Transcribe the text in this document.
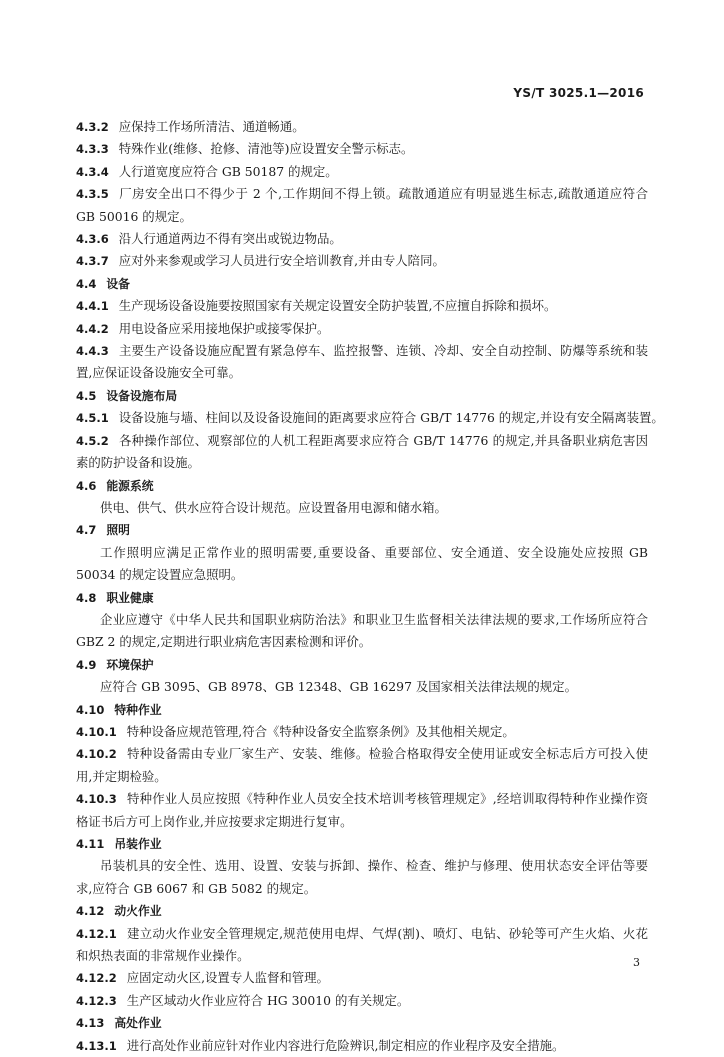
YS/T 3025.1—2016
4.3.2 应保持工作场所清洁、通道畅通。
4.3.3 特殊作业(维修、抢修、清池等)应设置安全警示标志。
4.3.4 人行道宽度应符合 GB 50187 的规定。
4.3.5 厂房安全出口不得少于 2 个,工作期间不得上锁。疏散通道应有明显逃生标志,疏散通道应符合 GB 50016 的规定。
4.3.6 沿人行通道两边不得有突出或锐边物品。
4.3.7 应对外来参观或学习人员进行安全培训教育,并由专人陪同。
4.4 设备
4.4.1 生产现场设备设施要按照国家有关规定设置安全防护装置,不应擅自拆除和损坏。
4.4.2 用电设备应采用接地保护或接零保护。
4.4.3 主要生产设备设施应配置有紧急停车、监控报警、连锁、冷却、安全自动控制、防爆等系统和装置,应保证设备设施安全可靠。
4.5 设备设施布局
4.5.1 设备设施与墙、柱间以及设备设施间的距离要求应符合 GB/T 14776 的规定,并设有安全隔离装置。
4.5.2 各种操作部位、观察部位的人机工程距离要求应符合 GB/T 14776 的规定,并具备职业病危害因素的防护设备和设施。
4.6 能源系统
供电、供气、供水应符合设计规范。应设置备用电源和储水箱。
4.7 照明
工作照明应满足正常作业的照明需要,重要设备、重要部位、安全通道、安全设施处应按照 GB 50034 的规定设置应急照明。
4.8 职业健康
企业应遵守《中华人民共和国职业病防治法》和职业卫生监督相关法律法规的要求,工作场所应符合 GBZ 2 的规定,定期进行职业病危害因素检测和评价。
4.9 环境保护
应符合 GB 3095、GB 8978、GB 12348、GB 16297 及国家相关法律法规的规定。
4.10 特种作业
4.10.1 特种设备应规范管理,符合《特种设备安全监察条例》及其他相关规定。
4.10.2 特种设备需由专业厂家生产、安装、维修。检验合格取得安全使用证或安全标志后方可投入使用,并定期检验。
4.10.3 特种作业人员应按照《特种作业人员安全技术培训考核管理规定》,经培训取得特种作业操作资格证书后方可上岗作业,并应按要求定期进行复审。
4.11 吊装作业
吊装机具的安全性、选用、设置、安装与拆卸、操作、检查、维护与修理、使用状态安全评估等要求,应符合 GB 6067 和 GB 5082 的规定。
4.12 动火作业
4.12.1 建立动火作业安全管理规定,规范使用电焊、气焊(割)、喷灯、电钻、砂轮等可产生火焰、火花和炽热表面的非常规作业操作。
4.12.2 应固定动火区,设置专人监督和管理。
4.12.3 生产区域动火作业应符合 HG 30010 的有关规定。
4.13 高处作业
4.13.1 进行高处作业前应针对作业内容进行危险辨识,制定相应的作业程序及安全措施。
3
